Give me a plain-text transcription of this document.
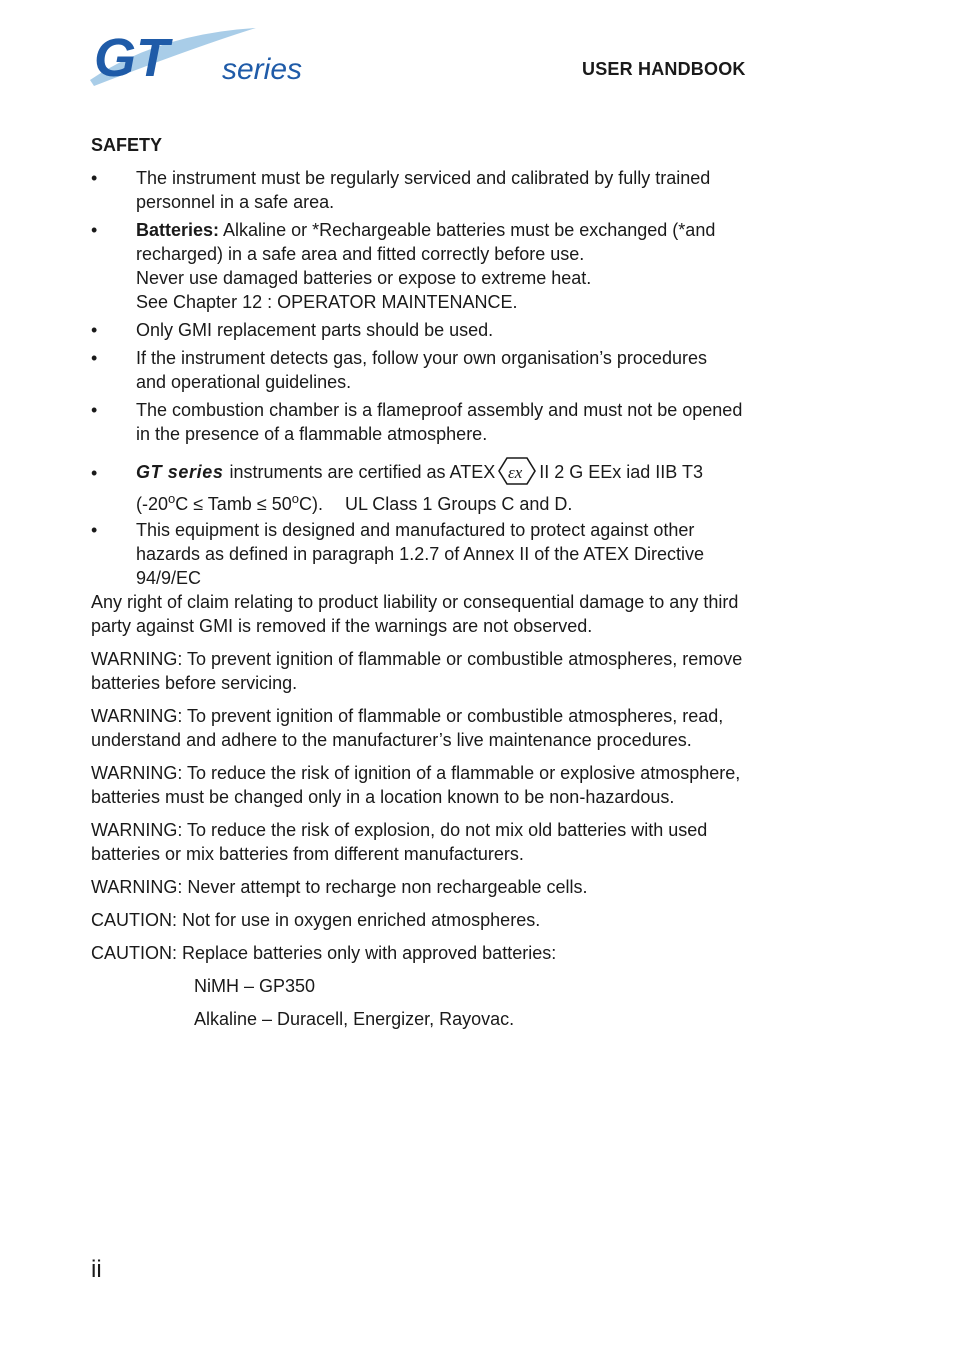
GT series	USER HANDBOOK
SAFETY
• The instrument must be regularly serviced and calibrated by fully trained
personnel in a safe area.
• Batteries: Alkaline or *Rechargeable batteries must be exchanged (*and
recharged) in a safe area and fitted correctly before use.
Never use damaged batteries or expose to extreme heat.
See Chapter 12 : OPERATOR MAINTENANCE.
• Only GMI replacement parts should be used.
• If the instrument detects gas, follow your own organisation’s procedures
and operational guidelines.
• The combustion chamber is a flameproof assembly and must not be opened
in the presence of a flammable atmosphere.
• GT series instruments are certified as ATEX εx II 2 G EEx iad IIB T3
($-20^oC$ ≤ Tamb ≤ $50^oC$). UL Class 1 Groups C and D.
• This equipment is designed and manufactured to protect against other
hazards as defined in paragraph 1.2.7 of Annex II of the ATEX Directive
94/9/EC
Any right of claim relating to product liability or consequential damage to any third
party against GMI is removed if the warnings are not observed.
WARNING: To prevent ignition of flammable or combustible atmospheres, remove
batteries before servicing.
WARNING: To prevent ignition of flammable or combustible atmospheres, read,
understand and adhere to the manufacturer’s live maintenance procedures.
WARNING: To reduce the risk of ignition of a flammable or explosive atmosphere,
batteries must be changed only in a location known to be non-hazardous.
WARNING: To reduce the risk of explosion, do not mix old batteries with used
batteries or mix batteries from different manufacturers.
WARNING: Never attempt to recharge non rechargeable cells.
CAUTION: Not for use in oxygen enriched atmospheres.
CAUTION: Replace batteries only with approved batteries:
NiMH – GP350
Alkaline – Duracell, Energizer, Rayovac.
ii
